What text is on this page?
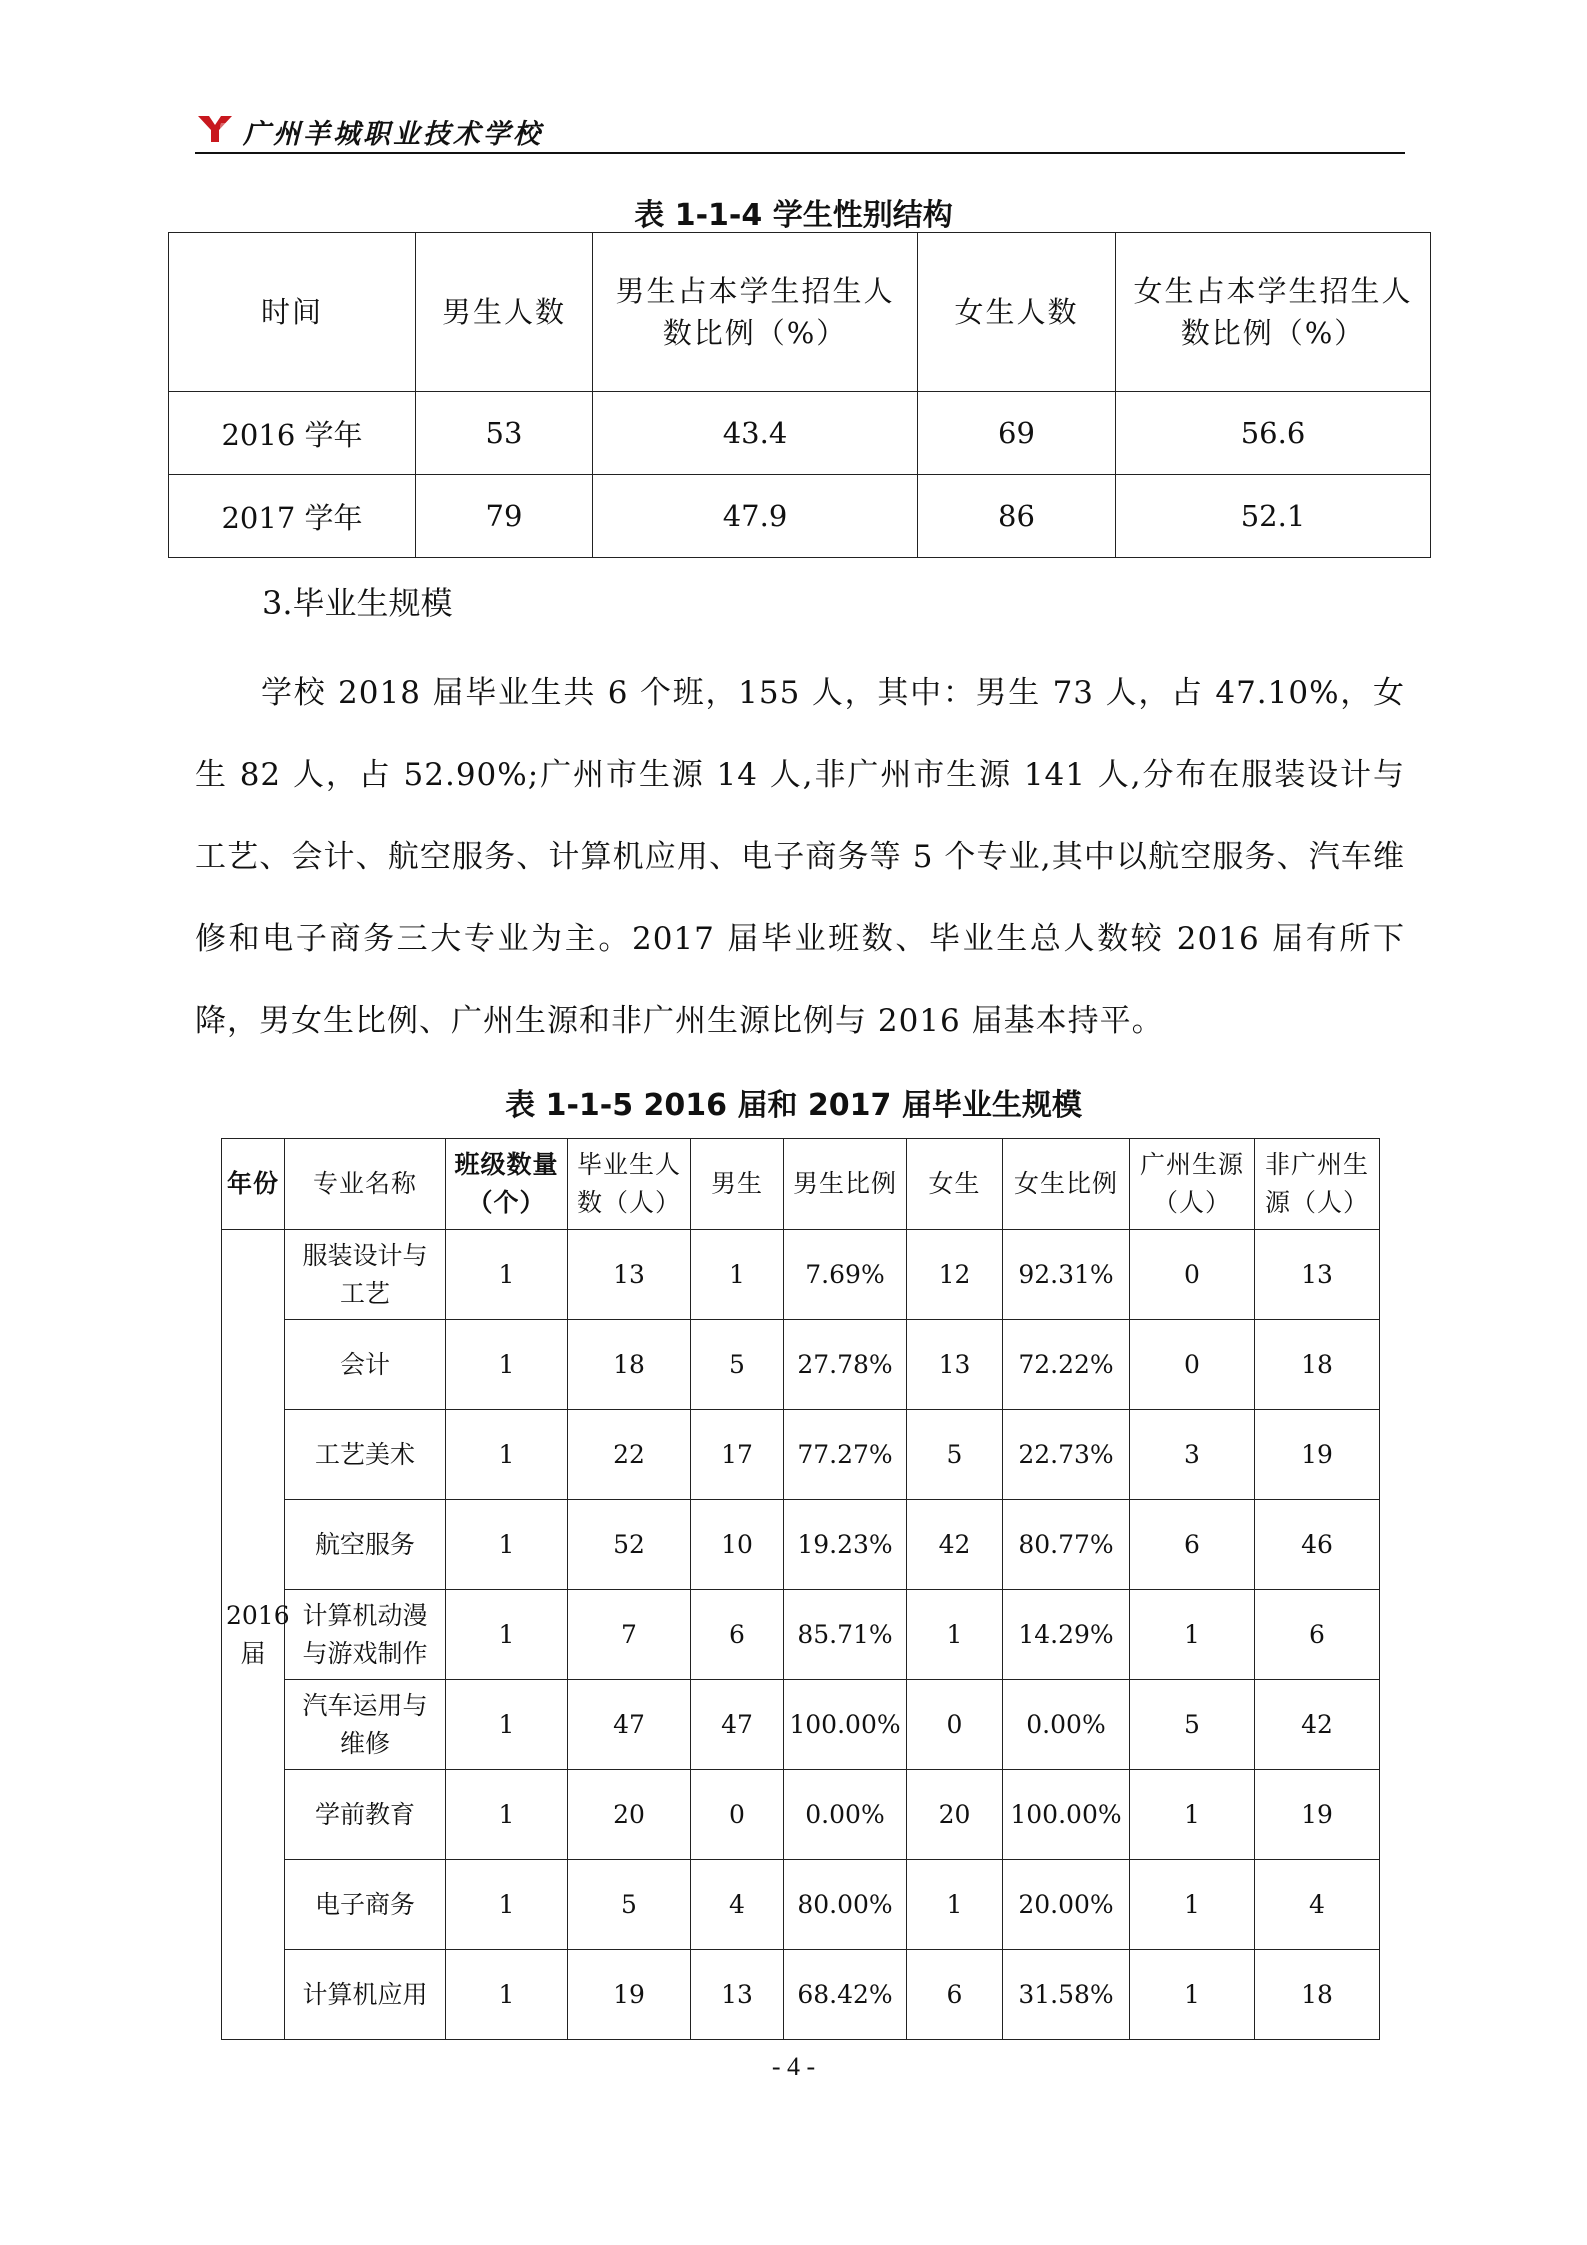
广州羊城职业技术学校
表 1-1-4 学生性别结构
时间	男生人数	男生占本学生招生人数比例（%）	女生人数	女生占本学生招生人数比例（%）
2016 学年	53	43.4	69	56.6
2017 学年	79	47.9	86	52.1
3.毕业生规模
学校 2018 届毕业生共 6 个班，155 人，其中：男生 73 人，占 47.10%，女生 82 人，占 52.90%;广州市生源 14 人,非广州市生源 141 人,分布在服装设计与工艺、会计、航空服务、计算机应用、电子商务等 5 个专业,其中以航空服务、汽车维修和电子商务三大专业为主。2017 届毕业班数、毕业生总人数较 2016 届有所下降，男女生比例、广州生源和非广州生源比例与 2016 届基本持平。
表 1-1-5 2016 届和 2017 届毕业生规模
年份	专业名称	班级数量（个）	毕业生人数（人）	男生	男生比例	女生	女生比例	广州生源（人）	非广州生源（人）
2016 届	服装设计与工艺	1	13	1	7.69%	12	92.31%	0	13
	会计	1	18	5	27.78%	13	72.22%	0	18
	工艺美术	1	22	17	77.27%	5	22.73%	3	19
	航空服务	1	52	10	19.23%	42	80.77%	6	46
	计算机动漫与游戏制作	1	7	6	85.71%	1	14.29%	1	6
	汽车运用与维修	1	47	47	100.00%	0	0.00%	5	42
	学前教育	1	20	0	0.00%	20	100.00%	1	19
	电子商务	1	5	4	80.00%	1	20.00%	1	4
	计算机应用	1	19	13	68.42%	6	31.58%	1	18
- 4 -
